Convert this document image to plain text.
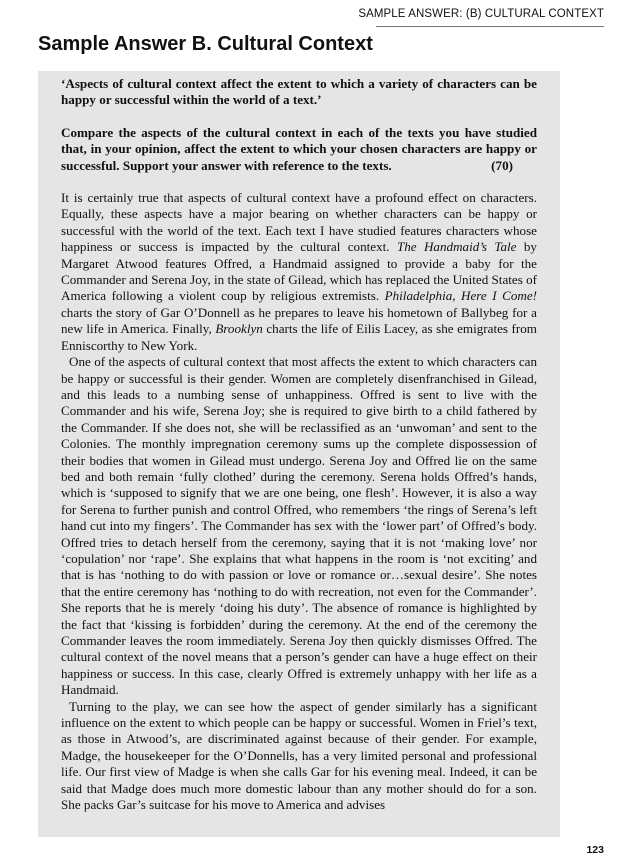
SAMPLE ANSWER: (B) CULTURAL CONTEXT
Sample Answer B. Cultural Context

‘Aspects of cultural context affect the extent to which a variety of characters can be happy or successful within the world of a text.’

Compare the aspects of the cultural context in each of the texts you have studied that, in your opinion, affect the extent to which your chosen characters are happy or successful. Support your answer with reference to the texts.	(70)

It is certainly true that aspects of cultural context have a profound effect on characters. Equally, these aspects have a major bearing on whether characters can be happy or successful with the world of the text. Each text I have studied features characters whose happiness or success is impacted by the cultural context. The Handmaid’s Tale by Margaret Atwood features Offred, a Handmaid assigned to provide a baby for the Commander and Serena Joy, in the state of Gilead, which has replaced the United States of America following a violent coup by religious extremists. Philadelphia, Here I Come! charts the story of Gar O’Donnell as he prepares to leave his hometown of Ballybeg for a new life in America. Finally, Brooklyn charts the life of Eilis Lacey, as she emigrates from Enniscorthy to New York.

One of the aspects of cultural context that most affects the extent to which characters can be happy or successful is their gender. Women are completely disenfranchised in Gilead, and this leads to a numbing sense of unhappiness. Offred is sent to live with the Commander and his wife, Serena Joy; she is required to give birth to a child fathered by the Commander. If she does not, she will be reclassified as an ‘unwoman’ and sent to the Colonies. The monthly impregnation ceremony sums up the complete dispossession of their bodies that women in Gilead must undergo. Serena Joy and Offred lie on the same bed and both remain ‘fully clothed’ during the ceremony. Serena holds Offred’s hands, which is ‘supposed to signify that we are one being, one flesh’. However, it is also a way for Serena to further punish and control Offred, who remembers ‘the rings of Serena’s left hand cut into my fingers’. The Commander has sex with the ‘lower part’ of Offred’s body. Offred tries to detach herself from the ceremony, saying that it is not ‘making love’ nor ‘copulation’ nor ‘rape’. She explains that what happens in the room is ‘not exciting’ and that is has ‘nothing to do with passion or love or romance or…sexual desire’. She notes that the entire ceremony has ‘nothing to do with recreation, not even for the Commander’. She reports that he is merely ‘doing his duty’. The absence of romance is highlighted by the fact that ‘kissing is forbidden’ during the ceremony. At the end of the ceremony the Commander leaves the room immediately. Serena Joy then quickly dismisses Offred. The cultural context of the novel means that a person’s gender can have a huge effect on their happiness or success. In this case, clearly Offred is extremely unhappy with her life as a Handmaid.

Turning to the play, we can see how the aspect of gender similarly has a significant influence on the extent to which people can be happy or successful. Women in Friel’s text, as those in Atwood’s, are discriminated against because of their gender. For example, Madge, the housekeeper for the O’Donnells, has a very limited personal and professional life. Our first view of Madge is when she calls Gar for his evening meal. Indeed, it can be said that Madge does much more domestic labour than any mother should do for a son. She packs Gar’s suitcase for his move to America and advises

123
